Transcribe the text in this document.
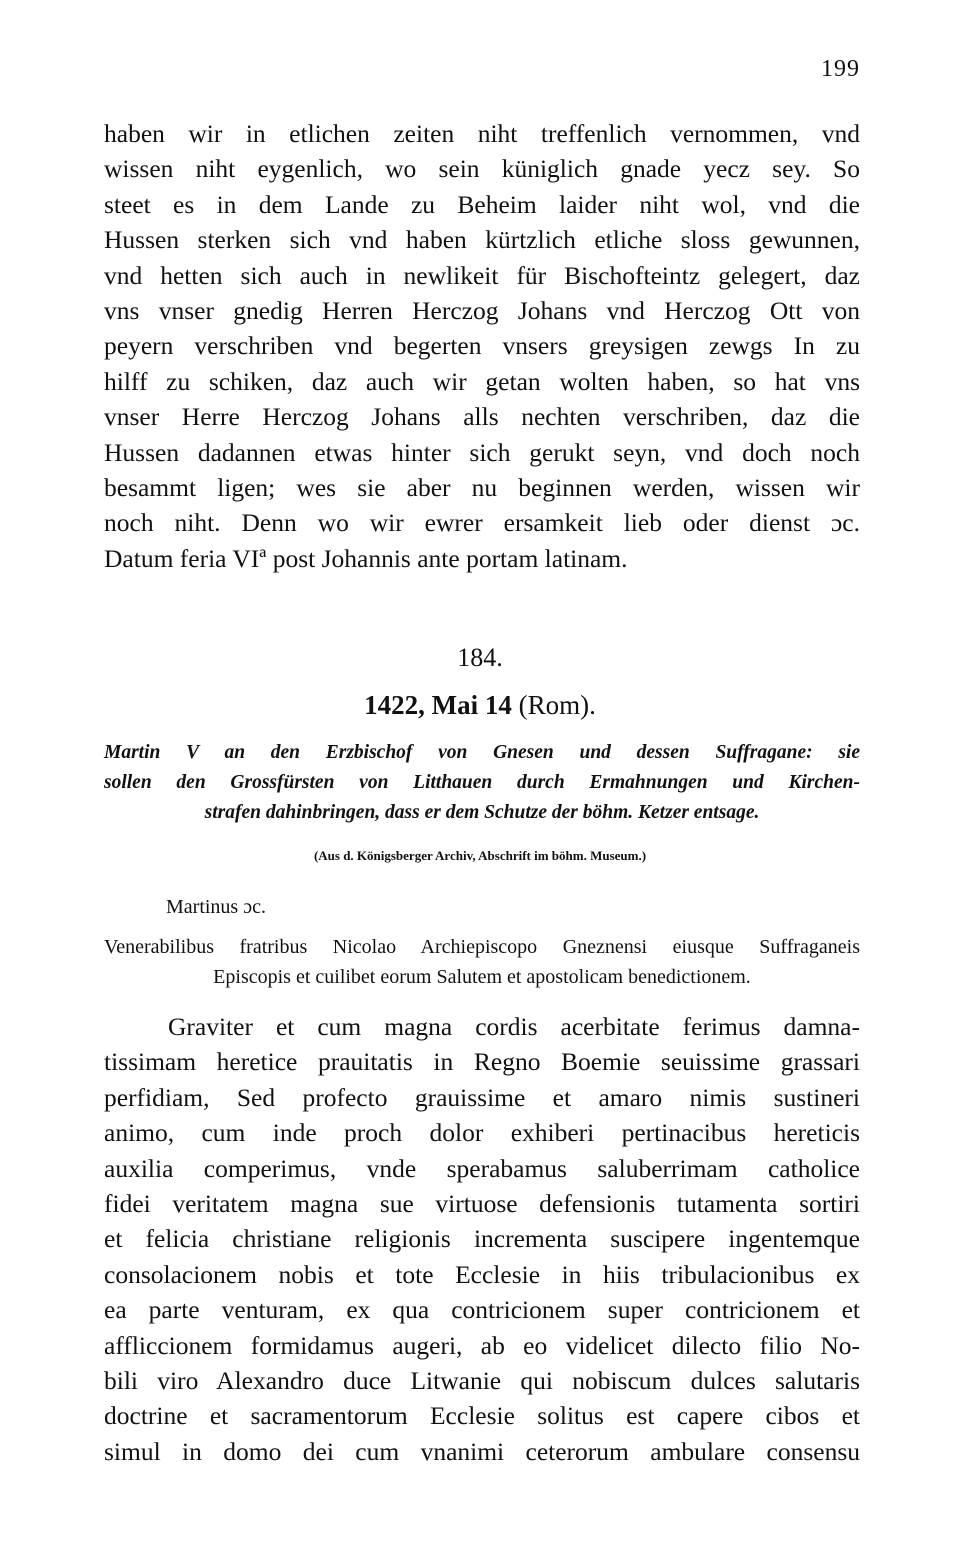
199
haben wir in etlichen zeiten niht treffenlich vernommen, vnd
wissen niht eygenlich, wo sein küniglich gnade yecz sey. So
steet es in dem Lande zu Beheim laider niht wol, vnd die
Hussen sterken sich vnd haben kürtzlich etliche sloss gewunnen,
vnd hetten sich auch in newlikeit für Bischofteintz gelegert, daz
vns vnser gnedig Herren Herczog Johans vnd Herczog Ott von
peyern verschriben vnd begerten vnsers greysigen zewgs In zu
hilff zu schiken, daz auch wir getan wolten haben, so hat vns
vnser Herre Herczog Johans alls nechten verschriben, daz die
Hussen dadannen etwas hinter sich gerukt seyn, vnd doch noch
besammt ligen; wes sie aber nu beginnen werden, wissen wir
noch niht. Denn wo wir ewrer ersamkeit lieb oder dienst ɔc.
Datum feria VIª post Johannis ante portam latinam.
184.
1422, Mai 14 (Rom).
Martin V an den Erzbischof von Gnesen und dessen Suffragane: sie
sollen den Grossfürsten von Litthauen durch Ermahnungen und Kirchen-
strafen dahinbringen, dass er dem Schutze der böhm. Ketzer entsage.
(Aus d. Königsberger Archiv, Abschrift im böhm. Museum.)
Martinus ɔc.
Venerabilibus fratribus Nicolao Archiepiscopo Gneznensi eiusque Suffraganeis
Episcopis et cuilibet eorum Salutem et apostolicam benedictionem.
Graviter et cum magna cordis acerbitate ferimus damna-
tissimam heretice prauitatis in Regno Boemie seuissime grassari
perfidiam, Sed profecto grauissime et amaro nimis sustineri
animo, cum inde proch dolor exhiberi pertinacibus hereticis
auxilia comperimus, vnde sperabamus saluberrimam catholice
fidei veritatem magna sue virtuose defensionis tutamenta sortiri
et felicia christiane religionis incrementa suscipere ingentemque
consolacionem nobis et tote Ecclesie in hiis tribulacionibus ex
ea parte venturam, ex qua contricionem super contricionem et
affliccionem formidamus augeri, ab eo videlicet dilecto filio No-
bili viro Alexandro duce Litwanie qui nobiscum dulces salutaris
doctrine et sacramentorum Ecclesie solitus est capere cibos et
simul in domo dei cum vnanimi ceterorum ambulare consensu
